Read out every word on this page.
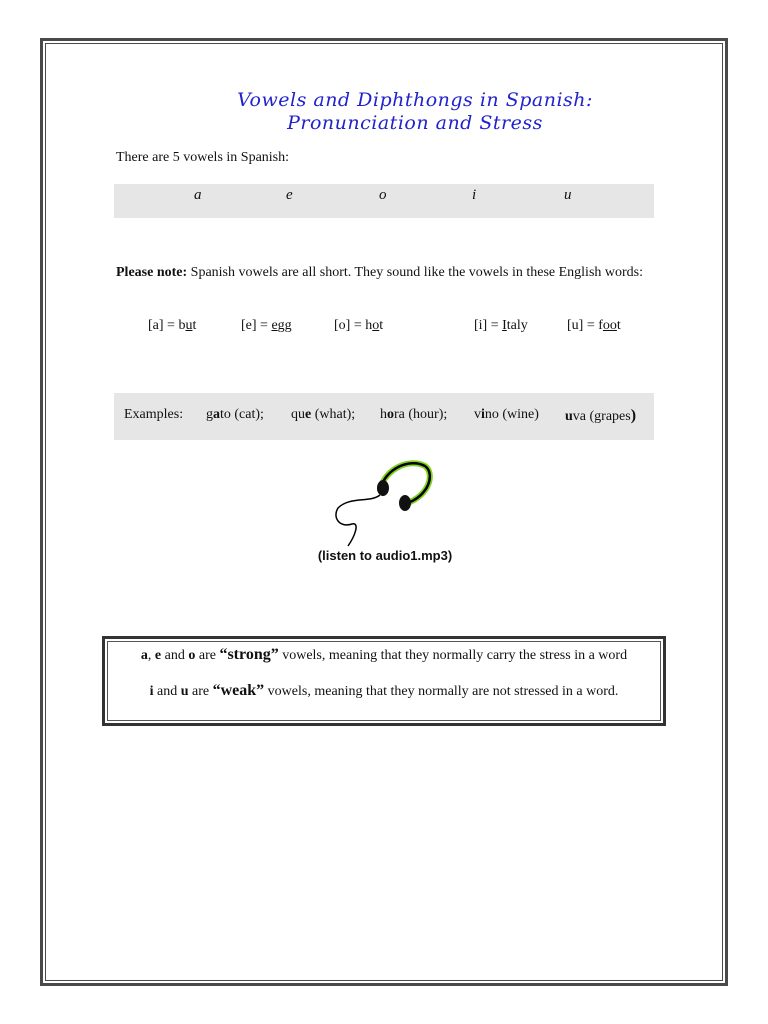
Vowels and Diphthongs in Spanish:
Pronunciation and Stress
There are 5 vowels in Spanish:
a	e	o	i	u
Please note: Spanish vowels are all short. They sound like the vowels in these English words:
[a] = but	[e] = egg	[o] = hot	[i] = Italy	[u] = foot
Examples: gato (cat); que (what); hora (hour); vino (wine) uva (grapes)
(listen to audio1.mp3)
a, e and o are “strong” vowels, meaning that they normally carry the stress in a word
i and u are “weak” vowels, meaning that they normally are not stressed in a word.
